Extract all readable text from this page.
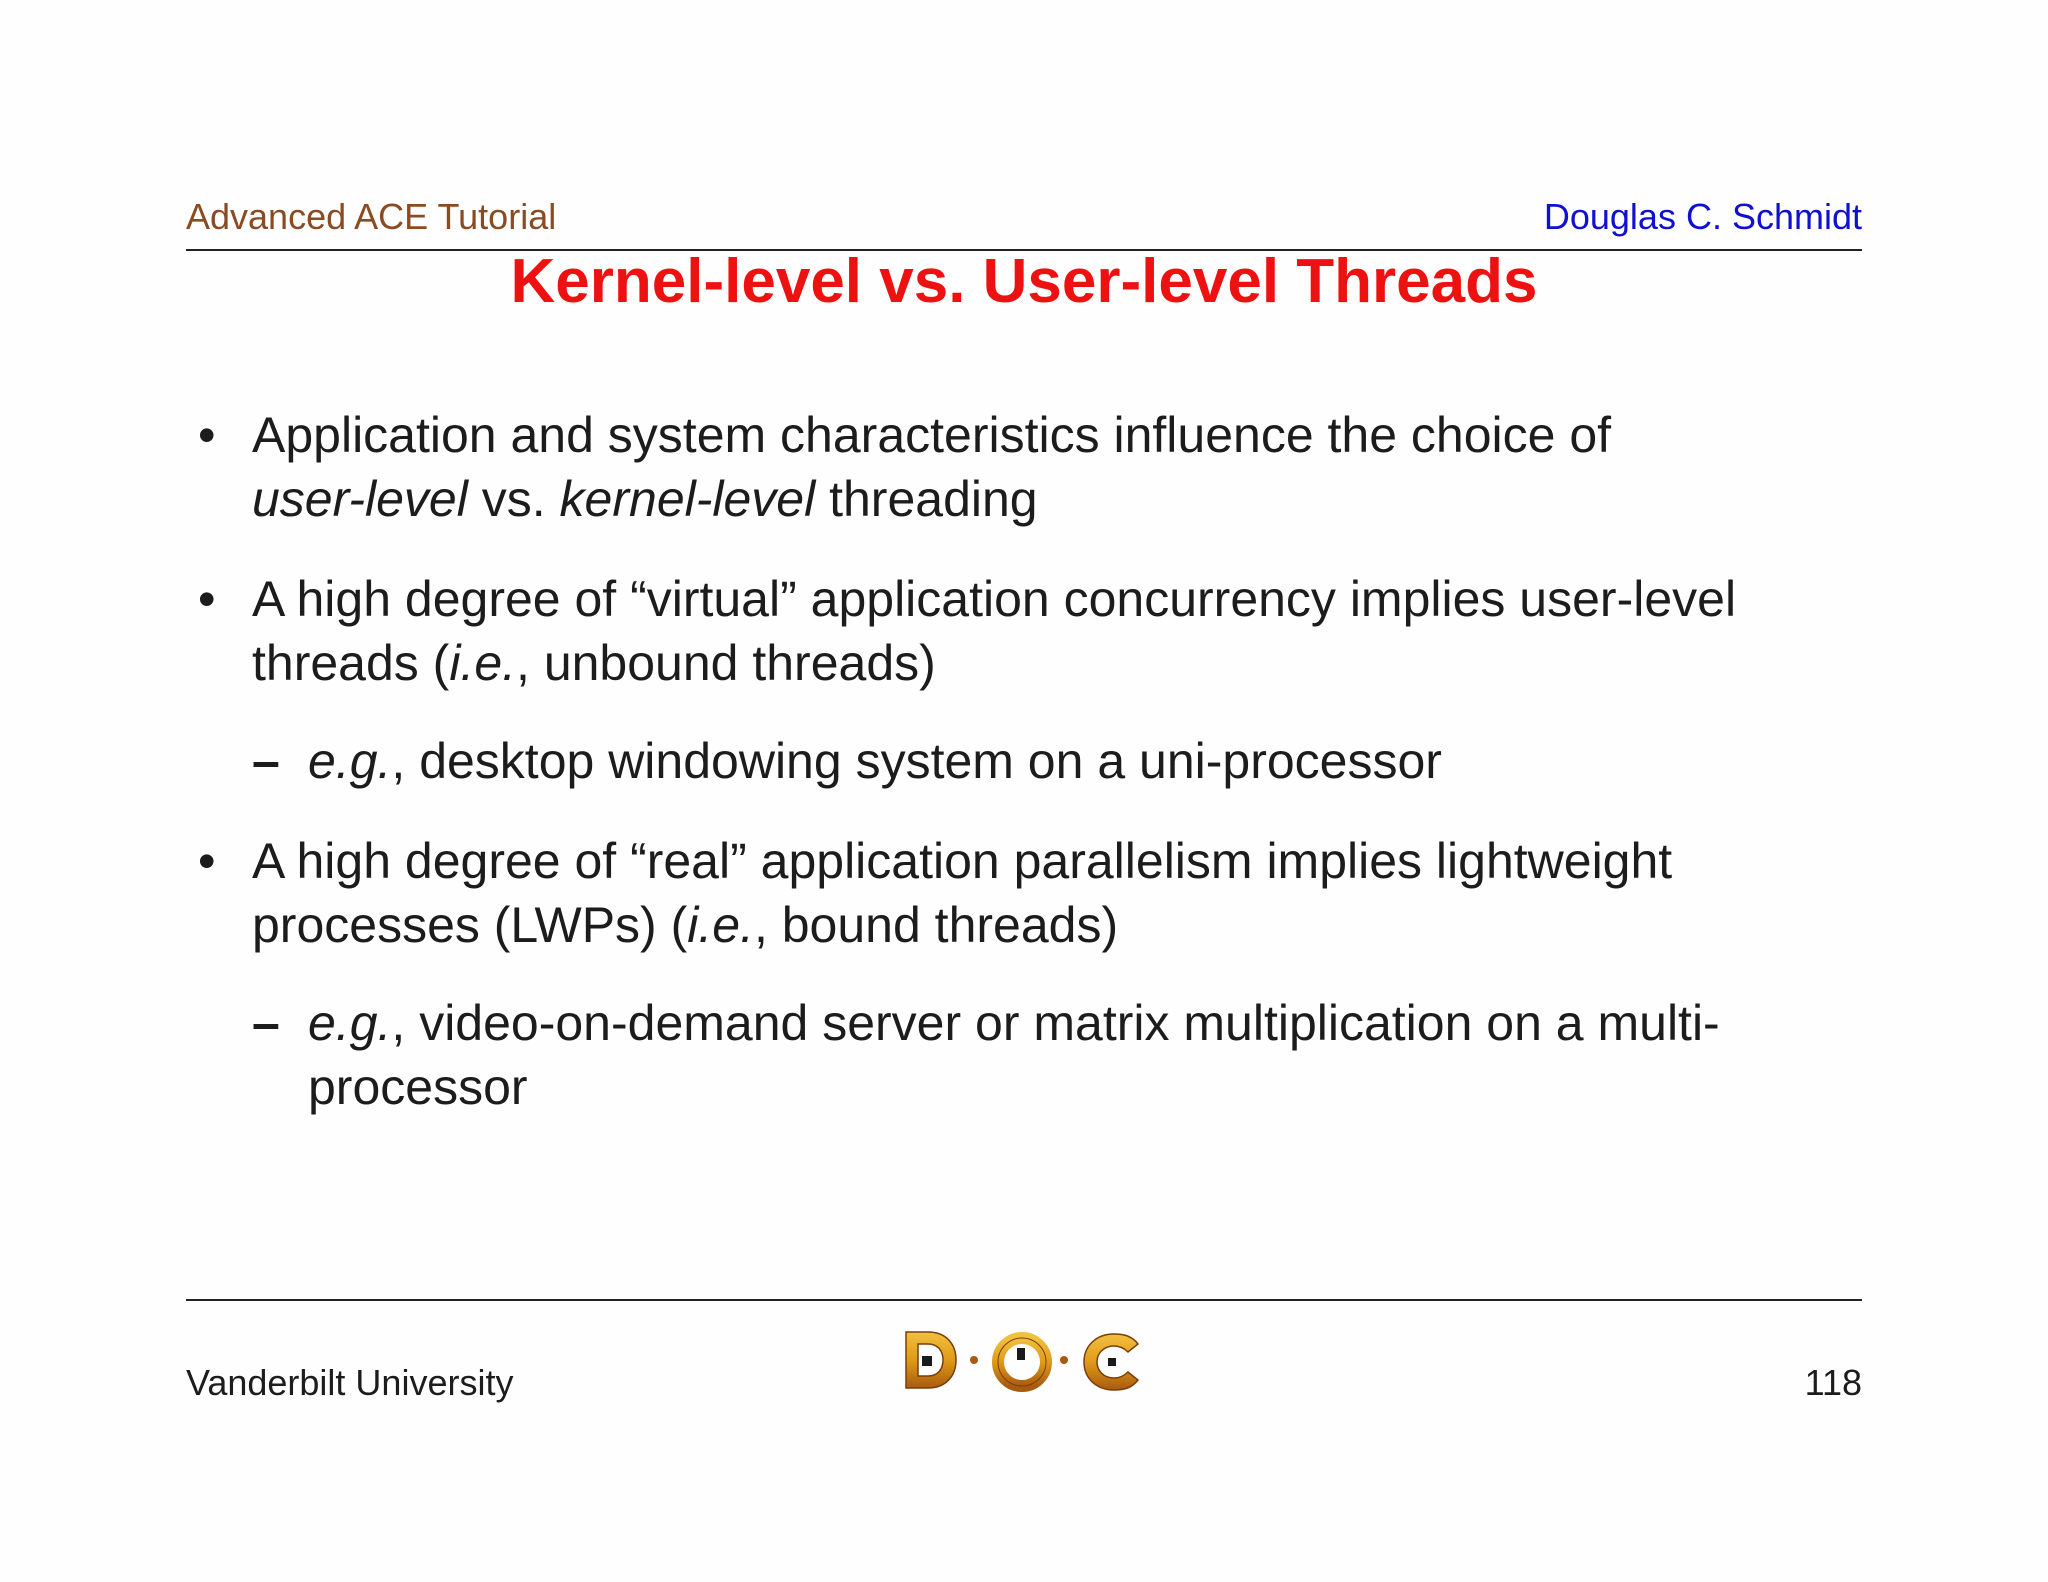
Advanced ACE Tutorial	Douglas C. Schmidt
Kernel-level vs. User-level Threads
• Application and system characteristics influence the choice of
user-level vs. kernel-level threading
• A high degree of “virtual” application concurrency implies user-level threads (i.e., unbound threads)
– e.g., desktop windowing system on a uni-processor
• A high degree of “real” application parallelism implies lightweight processes (LWPs) (i.e., bound threads)
– e.g., video-on-demand server or matrix multiplication on a multi-processor
Vanderbilt University	118
